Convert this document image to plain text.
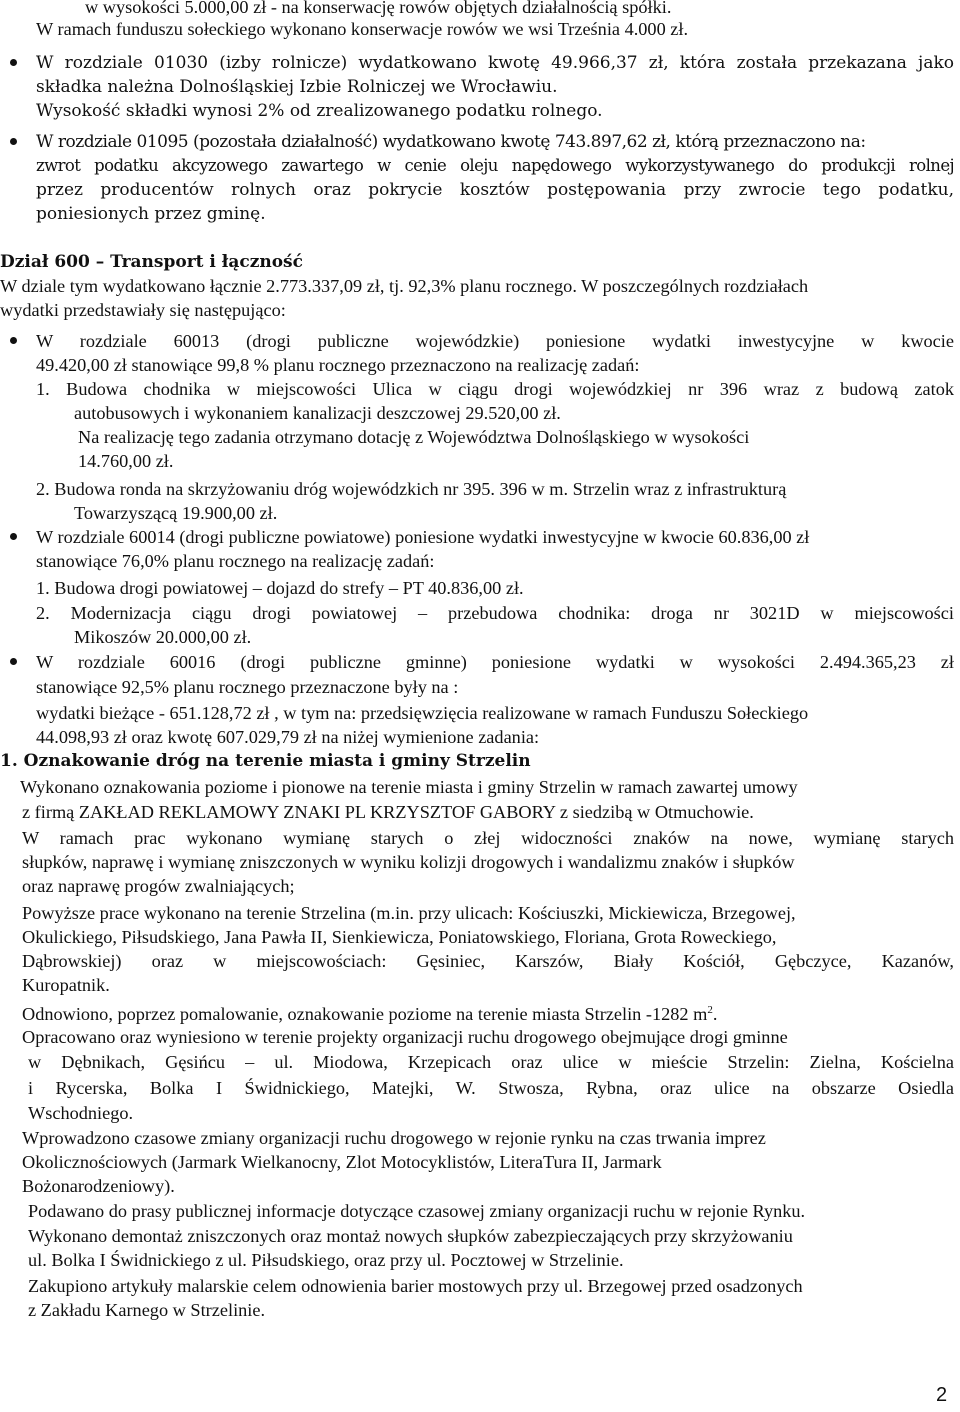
w wysokości 5.000,00 zł - na konserwację rowów objętych działalnością spółki.
W ramach funduszu sołeckiego wykonano konserwacje rowów we wsi Trześnia 4.000 zł.
W rozdziale 01030 (izby rolnicze) wydatkowano kwotę 49.966,37 zł, która została przekazana jako
składka należna Dolnośląskiej Izbie Rolniczej we Wrocławiu.
Wysokość składki wynosi 2% od zrealizowanego podatku rolnego.
W rozdziale 01095 (pozostała działalność) wydatkowano kwotę 743.897,62 zł, którą przeznaczono na:
zwrot podatku akcyzowego zawartego w cenie oleju napędowego wykorzystywanego do produkcji rolnej
przez producentów rolnych oraz pokrycie kosztów postępowania przy zwrocie tego podatku,
poniesionych przez gminę.
Dział 600 – Transport i łączność
W dziale tym wydatkowano łącznie 2.773.337,09 zł, tj. 92,3% planu rocznego. W poszczególnych rozdziałach
wydatki przedstawiały się następująco:
W rozdziale 60013 (drogi publiczne wojewódzkie) poniesione wydatki inwestycyjne w kwocie
49.420,00 zł stanowiące 99,8 % planu rocznego przeznaczono na realizację zadań:
1. Budowa chodnika w miejscowości Ulica w ciągu drogi wojewódzkiej nr 396 wraz z budową zatok
autobusowych i wykonaniem kanalizacji deszczowej 29.520,00 zł.
Na realizację tego zadania otrzymano dotację z Województwa Dolnośląskiego w wysokości
14.760,00 zł.
2. Budowa ronda na skrzyżowaniu dróg wojewódzkich nr 395. 396 w m. Strzelin wraz z infrastrukturą
Towarzyszącą 19.900,00 zł.
W rozdziale 60014 (drogi publiczne powiatowe) poniesione wydatki inwestycyjne w kwocie 60.836,00 zł
stanowiące 76,0% planu rocznego na realizację zadań:
1. Budowa drogi powiatowej – dojazd do strefy – PT 40.836,00 zł.
2. Modernizacja ciągu drogi powiatowej – przebudowa chodnika: droga nr 3021D w miejscowości
Mikoszów 20.000,00 zł.
W rozdziale 60016 (drogi publiczne gminne) poniesione wydatki w wysokości 2.494.365,23 zł
stanowiące 92,5% planu rocznego przeznaczone były na :
wydatki bieżące - 651.128,72 zł , w tym na: przedsięwzięcia realizowane w ramach Funduszu Sołeckiego
44.098,93 zł oraz kwotę 607.029,79 zł na niżej wymienione zadania:
1. Oznakowanie dróg na terenie miasta i gminy Strzelin
Wykonano oznakowania poziome i pionowe na terenie miasta i gminy Strzelin w ramach zawartej umowy
z firmą ZAKŁAD REKLAMOWY ZNAKI PL KRZYSZTOF GABORY z siedzibą w Otmuchowie.
W ramach prac wykonano wymianę starych o złej widoczności znaków na nowe, wymianę starych
słupków, naprawę i wymianę zniszczonych w wyniku kolizji drogowych i wandalizmu znaków i słupków
oraz naprawę progów zwalniających;
Powyższe prace wykonano na terenie Strzelina (m.in. przy ulicach: Kościuszki, Mickiewicza, Brzegowej,
Okulickiego, Piłsudskiego, Jana Pawła II, Sienkiewicza, Poniatowskiego, Floriana, Grota Roweckiego,
Dąbrowskiej) oraz w miejscowościach: Gęsiniec, Karszów, Biały Kościół, Gębczyce, Kazanów,
Kuropatnik.
Odnowiono, poprzez pomalowanie, oznakowanie poziome na terenie miasta Strzelin -1282 $m^2$.
Opracowano oraz wyniesiono w terenie projekty organizacji ruchu drogowego obejmujące drogi gminne
w Dębnikach, Gęsińcu – ul. Miodowa, Krzepicach oraz ulice w mieście Strzelin: Zielna, Kościelna
i Rycerska, Bolka I Świdnickiego, Matejki, W. Stwosza, Rybna, oraz ulice na obszarze Osiedla
Wschodniego.
Wprowadzono czasowe zmiany organizacji ruchu drogowego w rejonie rynku na czas trwania imprez
Okolicznościowych (Jarmark Wielkanocny, Zlot Motocyklistów, LiteraTura II, Jarmark
Bożonarodzeniowy).
Podawano do prasy publicznej informacje dotyczące czasowej zmiany organizacji ruchu w rejonie Rynku.
Wykonano demontaż zniszczonych oraz montaż nowych słupków zabezpieczających przy skrzyżowaniu
ul. Bolka I Świdnickiego z ul. Piłsudskiego, oraz przy ul. Pocztowej w Strzelinie.
Zakupiono artykuły malarskie celem odnowienia barier mostowych przy ul. Brzegowej przed osadzonych
z Zakładu Karnego w Strzelinie.
2
